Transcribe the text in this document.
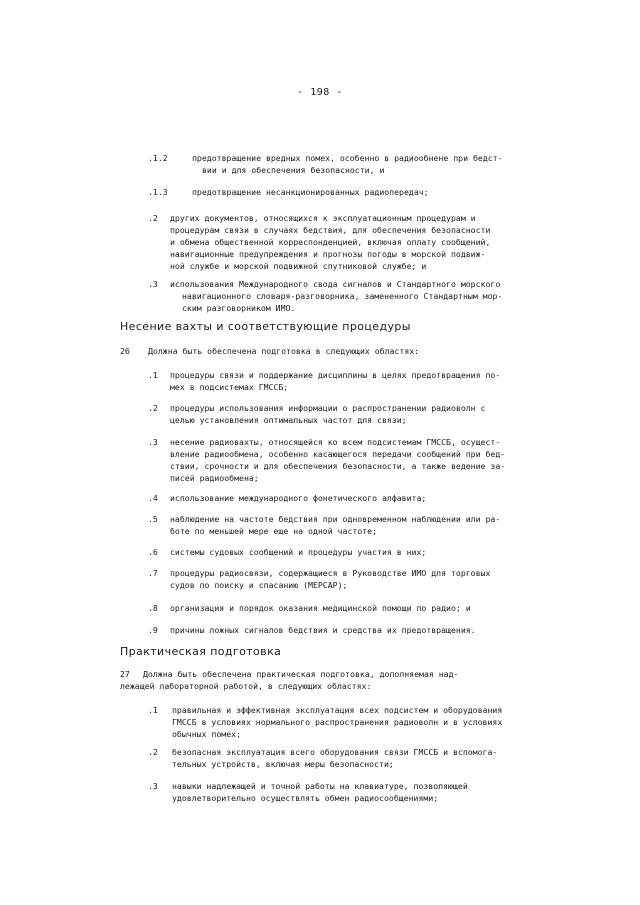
- 198 -
.1.2	предотвращение вредных помех, особенно в радиообнене при бедст-
вии и для обеспечения безопасности, и
.1.3	предотвращение несанкционированных радиопередач;
.2 других документов, относящихся к эксплуатационным процедурам и
процедурам связи в случаях бедствия, для обеспечения безопасности
и обмена общественной корреспонденцией, включая оплату сообщений,
навигационные предупреждения и прогнозы погоды в морской подвиж-
ной службе и морской подвижной спутниковой службе; и
.3 использования Международного свода сигналов и Стандартного морского
навигационного словаря-разговорника, замененного Стандартным мор-
ским разговорником ИМО.
Несение вахты и соответствующие процедуры
26 Должна быть обеспечена подготовка в следующих областях:
.1 процедуры связи и поддержание дисциплины в целях предотвращения по-
мех в подсистемах ГМССБ;
.2 процедуры использования информации о распространении радиоволн с
целью установления оптимальных частот для связи;
.3 несение радиовахты, относящейся ко всем подсистемам ГМССБ, осущест-
вление радиообмена, особенно касающегося передачи сообщений при бед-
ствии, срочности и для обеспечения безопасности, а также ведение за-
писей радиообмена;
.4 использование международного фонетического алфавита;
.5 наблюдение на частоте бедствия при одновременном наблюдении или ра-
боте по меньшей мере еще на одной частоте;
.6 системы судовых сообщений и процедуры участия в них;
.7 процедуры радиосвязи, содержащиеся в Руководстве ИМО для торговых
судов по поиску и спасанию (МЕРСАР);
.8 организация и порядок оказания медицинской помощи по радио; и
.9 причины ложных сигналов бедствия и средства их предотвращения.
Практическая подготовка
27 Должна быть обеспечена практическая подготовка, дополняемая над-
лежащей лабораторной работой, в следующих областях:
.1 правильная и эффективная эксплуатация всех подсистем и оборудования
ГМССБ в условиях нормального распространения радиоволн и в условиях
обычных помех;
.2 безопасная эксплуатация всего оборудования связи ГМССБ и вспомога-
тельных устройств, включая меры безопасности;
.3 навыки надлежащей и точной работы на клавиатуре, позволяющей
удовлетворительно осуществлять обмен радиосообщениями;
